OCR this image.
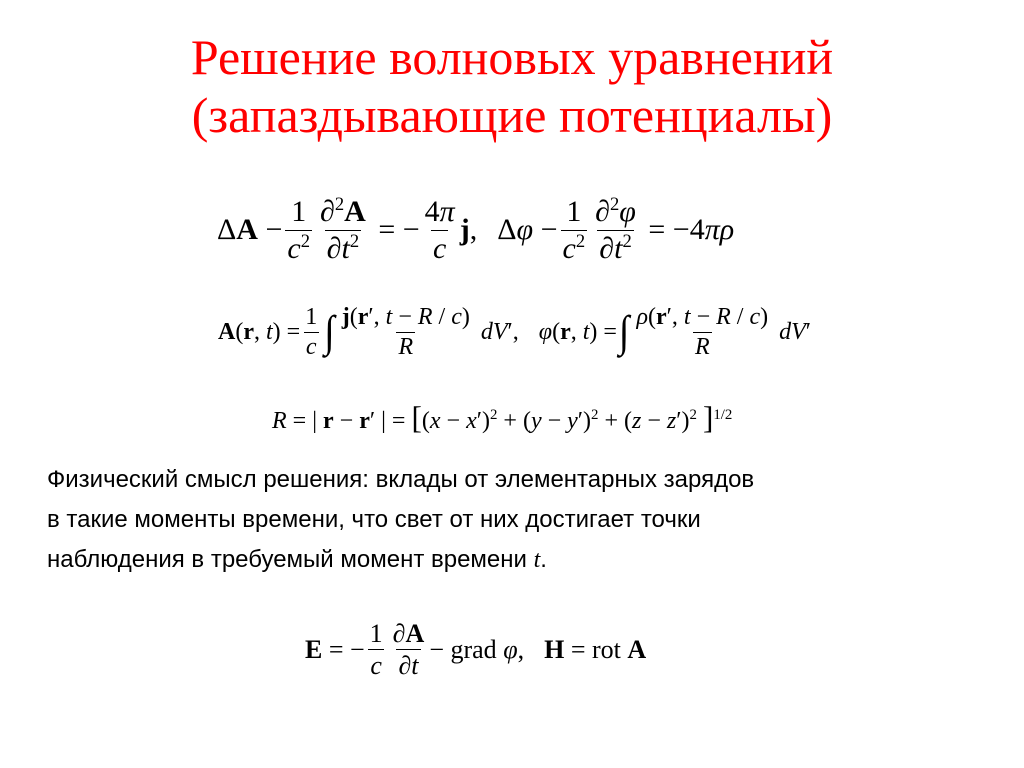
Решение волновых уравнений
(запаздывающие потенциалы)
$\Delta A - \frac{1}{c^2} \frac{\partial^2A}{\partial t^2}$ = − $\frac{4\pi}{c} j$, $\Delta\varphi - \frac{1}{c^2} \frac{\partial^2\varphi}{\partial t^2} = -4\pi\rho$
A(r, $t) = \frac{1}{c}$ ∫ $\frac{j(r', t - R / c)}{R} dV'$, φ(r, t) = ∫ $\frac{\rho(r', t - R / c)}{R} dV'$
R = | r − r′ | = [$(x - x')^2 + (y - y')^2 + (z - z')^2$ ]$^{1/2}$
Физический смысл решения: вклады от элементарных зарядов
в такие моменты времени, что свет от них достигает точки
наблюдения в требуемый момент времени t.
E = − $\frac{1}{c} \frac{\partial A}{\partial t}$ − grad φ, H = rot A
